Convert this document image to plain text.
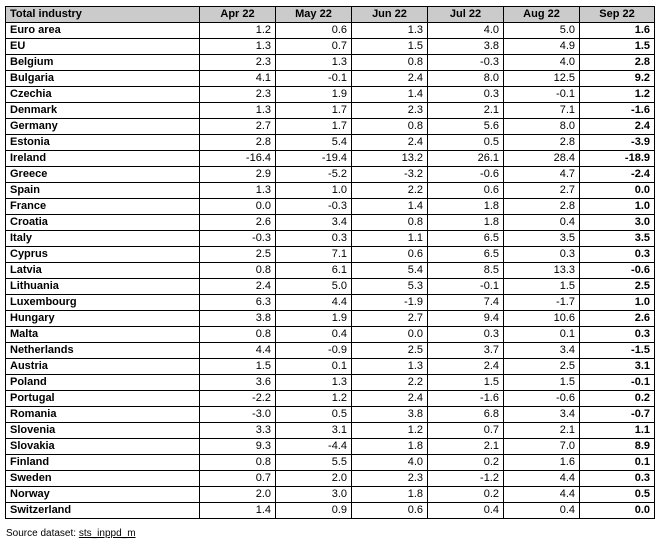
Total industry	Apr 22	May 22	Jun 22	Jul 22	Aug 22	Sep 22
Euro area	1.2	0.6	1.3	4.0	5.0	1.6
EU	1.3	0.7	1.5	3.8	4.9	1.5
Belgium	2.3	1.3	0.8	-0.3	4.0	2.8
Bulgaria	4.1	-0.1	2.4	8.0	12.5	9.2
Czechia	2.3	1.9	1.4	0.3	-0.1	1.2
Denmark	1.3	1.7	2.3	2.1	7.1	-1.6
Germany	2.7	1.7	0.8	5.6	8.0	2.4
Estonia	2.8	5.4	2.4	0.5	2.8	-3.9
Ireland	-16.4	-19.4	13.2	26.1	28.4	-18.9
Greece	2.9	-5.2	-3.2	-0.6	4.7	-2.4
Spain	1.3	1.0	2.2	0.6	2.7	0.0
France	0.0	-0.3	1.4	1.8	2.8	1.0
Croatia	2.6	3.4	0.8	1.8	0.4	3.0
Italy	-0.3	0.3	1.1	6.5	3.5	3.5
Cyprus	2.5	7.1	0.6	6.5	0.3	0.3
Latvia	0.8	6.1	5.4	8.5	13.3	-0.6
Lithuania	2.4	5.0	5.3	-0.1	1.5	2.5
Luxembourg	6.3	4.4	-1.9	7.4	-1.7	1.0
Hungary	3.8	1.9	2.7	9.4	10.6	2.6
Malta	0.8	0.4	0.0	0.3	0.1	0.3
Netherlands	4.4	-0.9	2.5	3.7	3.4	-1.5
Austria	1.5	0.1	1.3	2.4	2.5	3.1
Poland	3.6	1.3	2.2	1.5	1.5	-0.1
Portugal	-2.2	1.2	2.4	-1.6	-0.6	0.2
Romania	-3.0	0.5	3.8	6.8	3.4	-0.7
Slovenia	3.3	3.1	1.2	0.7	2.1	1.1
Slovakia	9.3	-4.4	1.8	2.1	7.0	8.9
Finland	0.8	5.5	4.0	0.2	1.6	0.1
Sweden	0.7	2.0	2.3	-1.2	4.4	0.3
Norway	2.0	3.0	1.8	0.2	4.4	0.5
Switzerland	1.4	0.9	0.6	0.4	0.4	0.0
Source dataset: sts_inppd_m
